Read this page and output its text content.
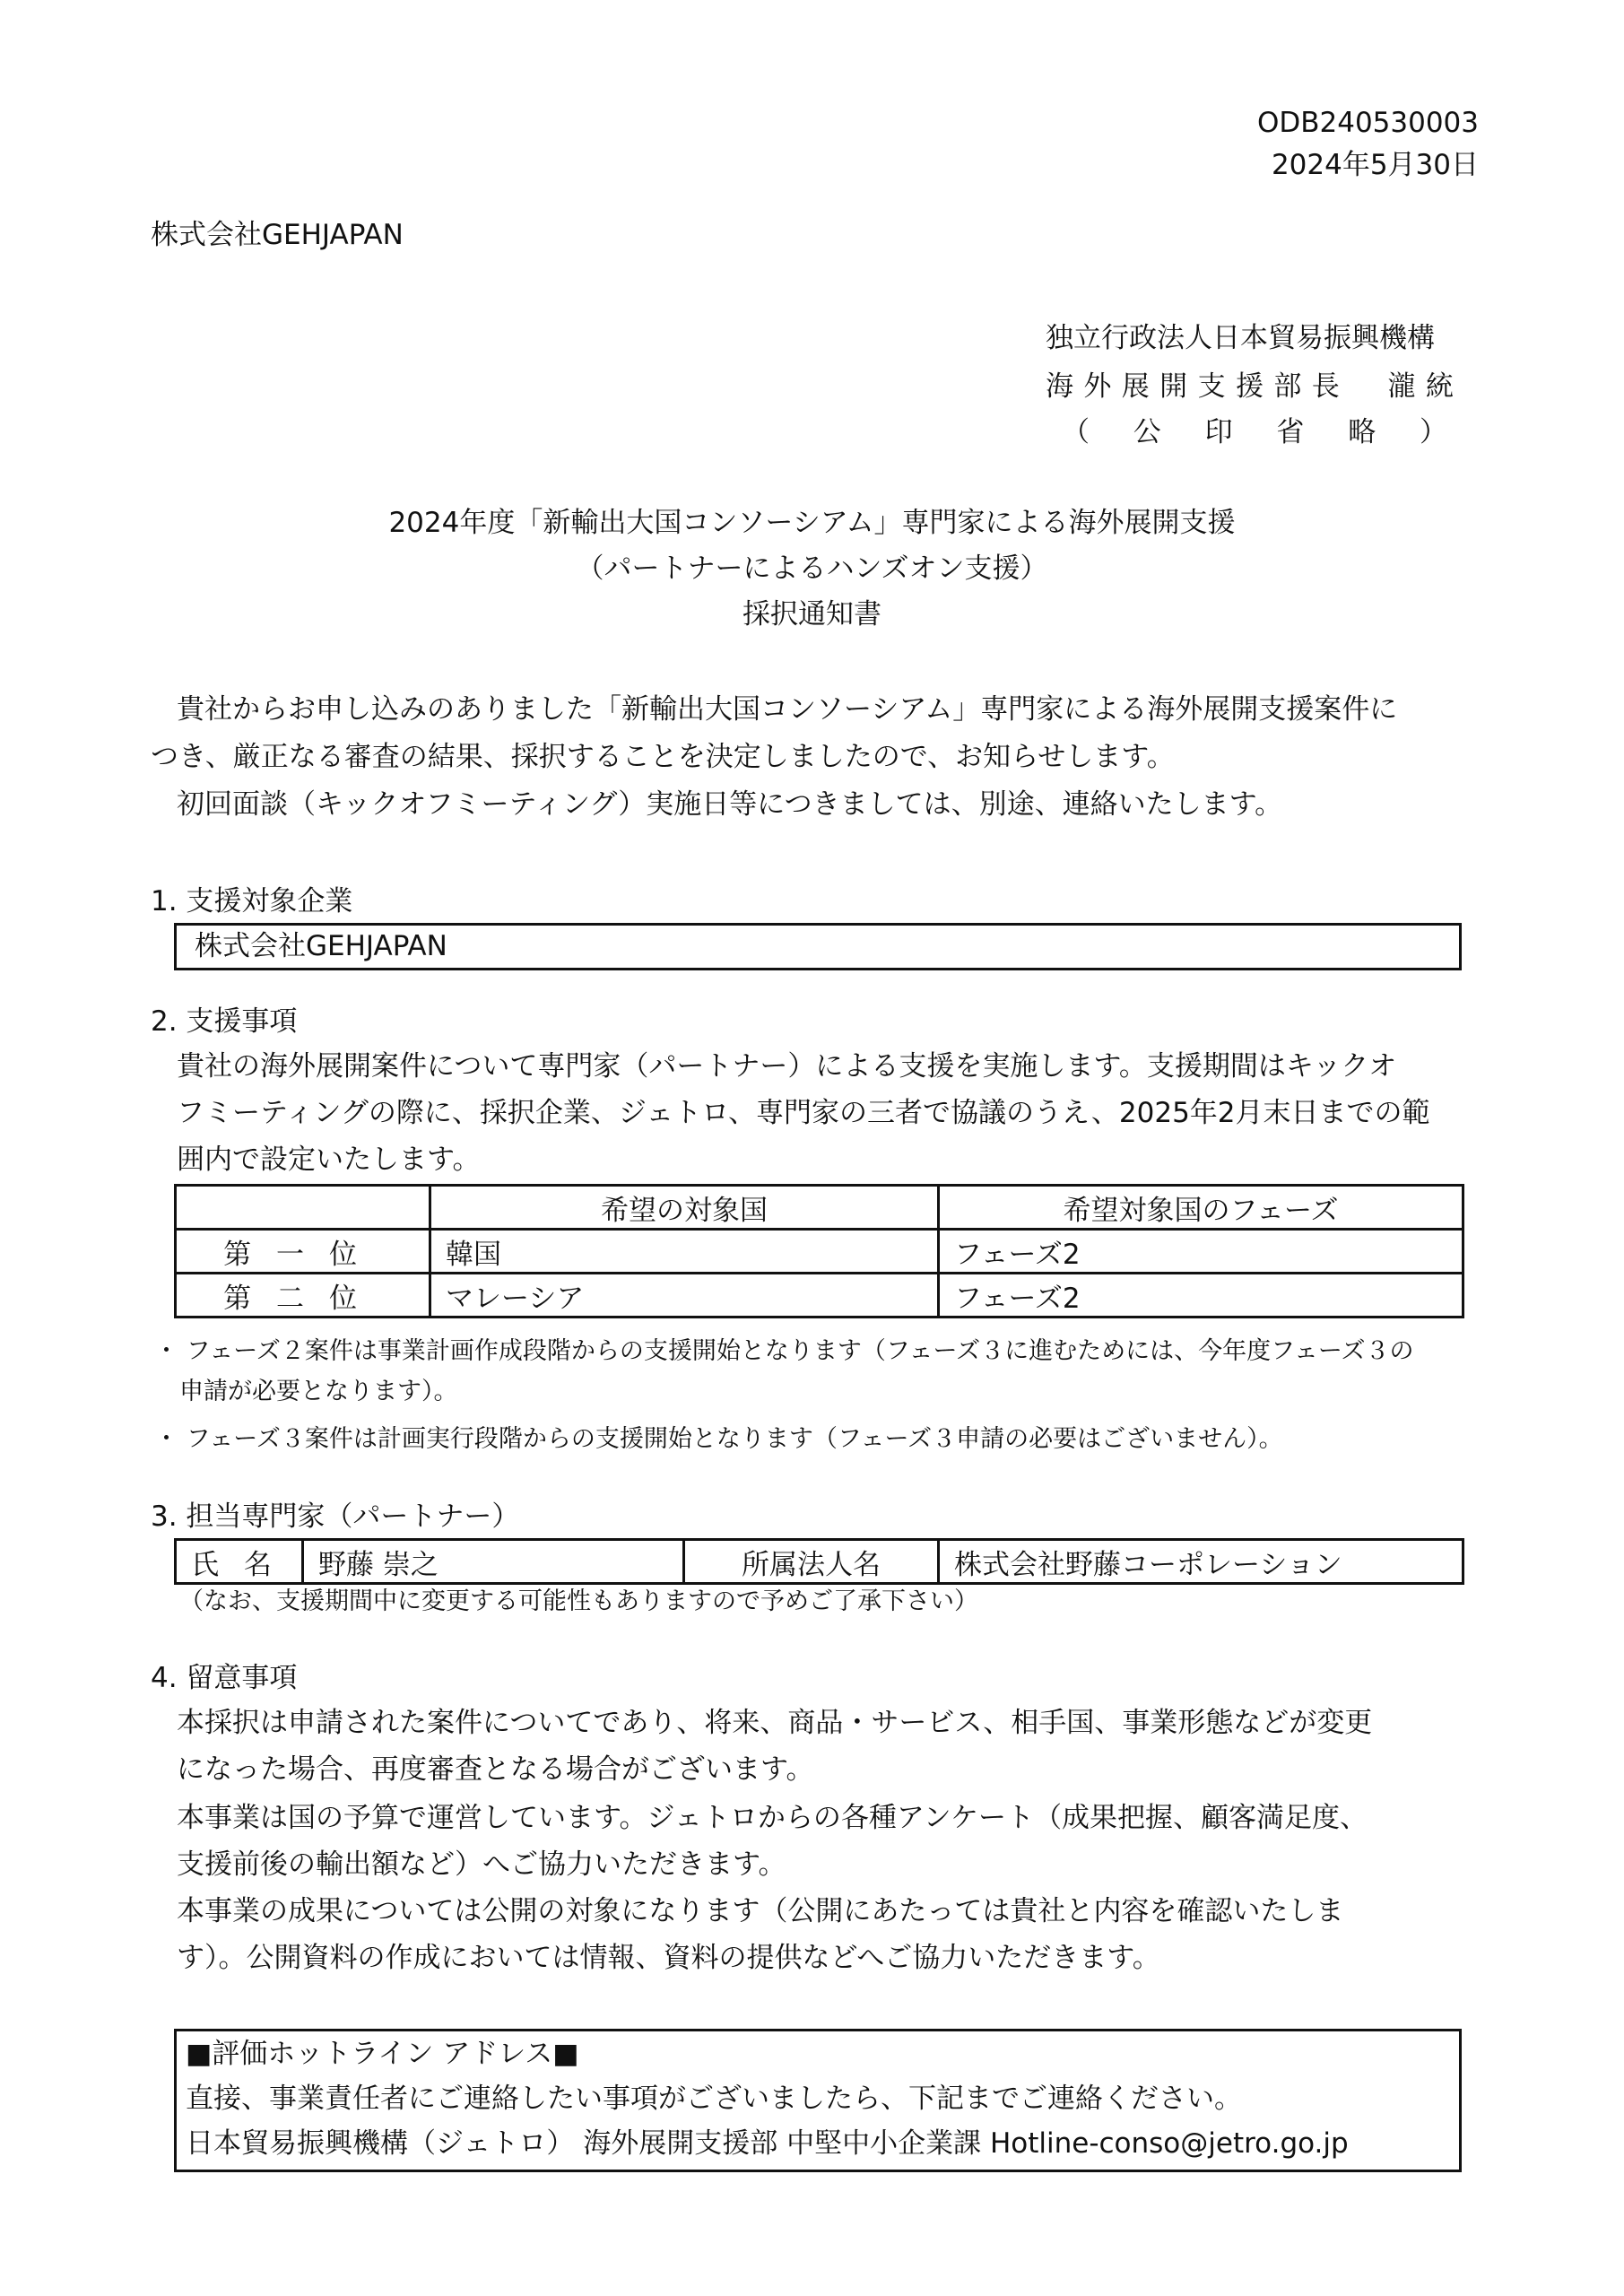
ODB240530003
2024年5月30日
株式会社GEHJAPAN
独立行政法人日本貿易振興機構
海 外 展 開 支 援 部 長 瀧 統
（ 公 印 省 略 ）
2024年度「新輸出大国コンソーシアム」専門家による海外展開支援
（パートナーによるハンズオン支援）
採択通知書
貴社からお申し込みのありました「新輸出大国コンソーシアム」専門家による海外展開支援案件に
つき、厳正なる審査の結果、採択することを決定しましたので、お知らせします。
初回面談（キックオフミーティング）実施日等につきましては、別途、連絡いたします。
1. 支援対象企業
株式会社GEHJAPAN
2. 支援事項
貴社の海外展開案件について専門家（パートナー）による支援を実施します。支援期間はキックオ
フミーティングの際に、採択企業、ジェトロ、専門家の三者で協議のうえ、2025年2月末日までの範
囲内で設定いたします。
	希望の対象国	希望対象国のフェーズ
第一位	韓国	フェーズ2
第二位	マレーシア	フェーズ2
・ フェーズ２案件は事業計画作成段階からの支援開始となります（フェーズ３に進むためには、今年度フェーズ３の
申請が必要となります）。
・ フェーズ３案件は計画実行段階からの支援開始となります（フェーズ３申請の必要はございません）。
3. 担当専門家（パートナー）
氏名	野藤 崇之	所属法人名	株式会社野藤コーポレーション
（なお、支援期間中に変更する可能性もありますので予めご了承下さい）
4. 留意事項
本採択は申請された案件についてであり、将来、商品・サービス、相手国、事業形態などが変更
になった場合、再度審査となる場合がございます。
本事業は国の予算で運営しています。ジェトロからの各種アンケート（成果把握、顧客満足度、
支援前後の輸出額など）へご協力いただきます。
本事業の成果については公開の対象になります（公開にあたっては貴社と内容を確認いたしま
す）。公開資料の作成においては情報、資料の提供などへご協力いただきます。
■評価ホットライン アドレス■
直接、事業責任者にご連絡したい事項がございましたら、下記までご連絡ください。
日本貿易振興機構（ジェトロ） 海外展開支援部 中堅中小企業課 Hotline-conso@jetro.go.jp
